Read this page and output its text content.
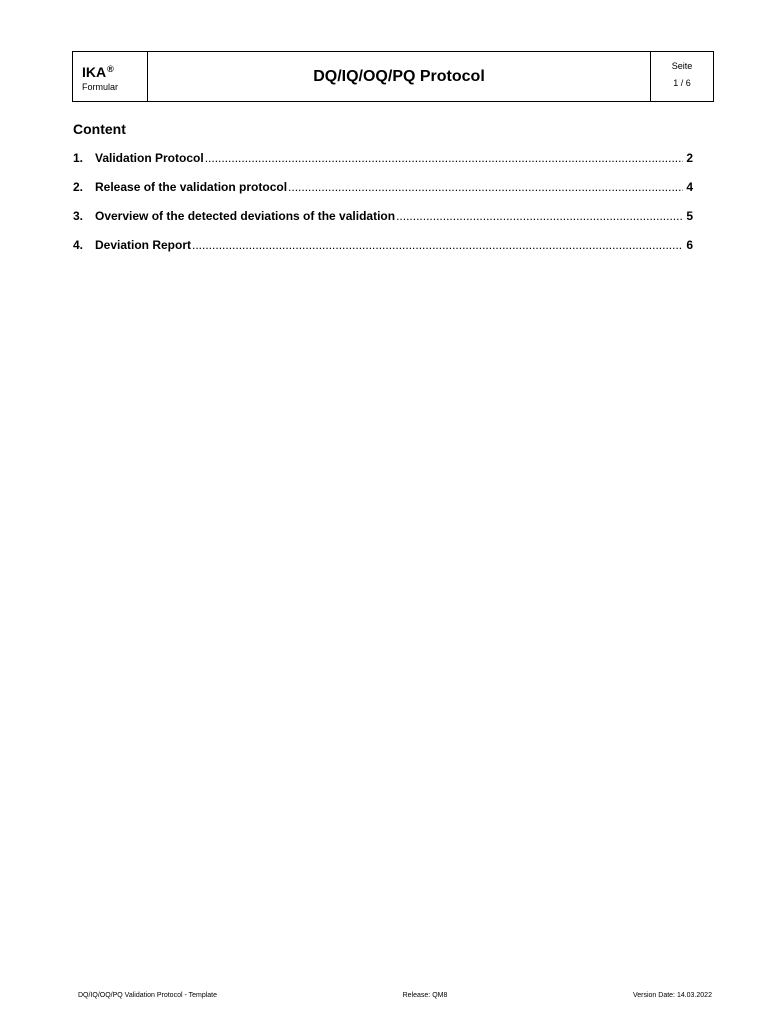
IKA®
Formular
DQ/IQ/OQ/PQ Protocol
Seite
1 / 6
Content
1. Validation Protocol .....	2
2. Release of the validation protocol .....	4
3. Overview of the detected deviations of the validation .....	5
4. Deviation Report .....	6
DQ/IQ/OQ/PQ Validation Protocol - Template	Release: QM8	Version Date: 14.03.2022
